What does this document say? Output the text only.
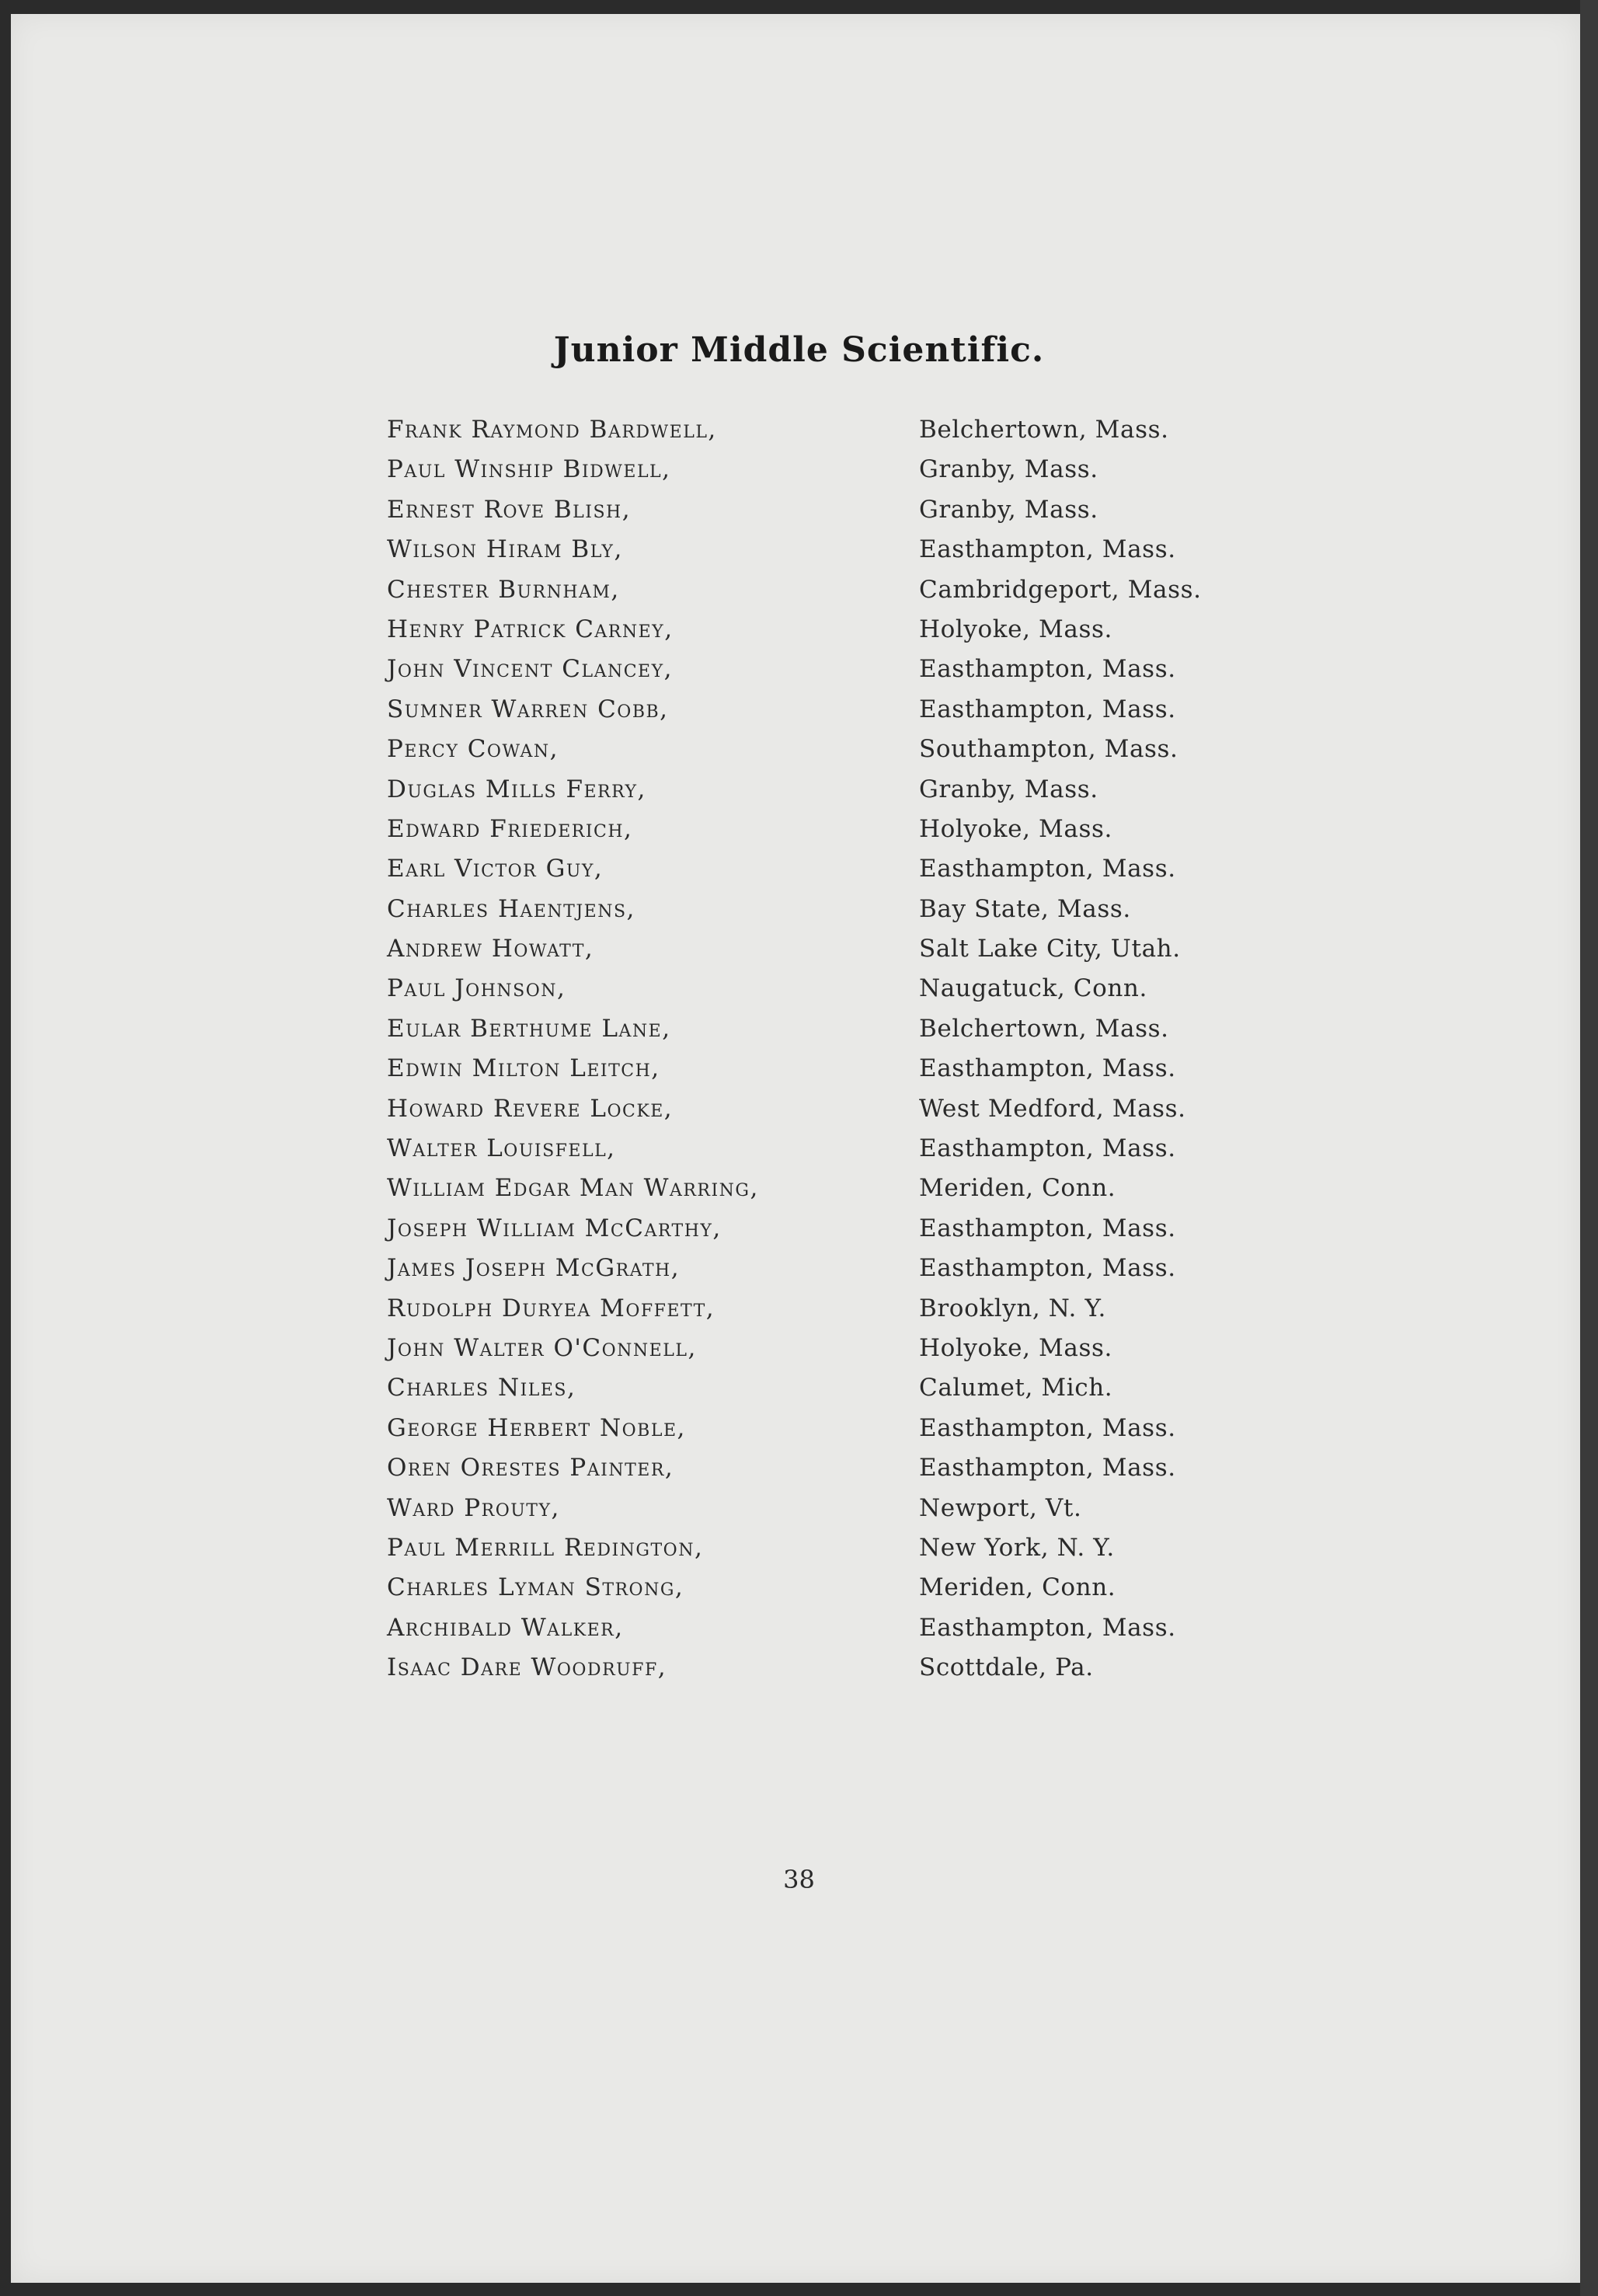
Junior Middle Scientific.
Frank Raymond Bardwell,	Belchertown, Mass.
Paul Winship Bidwell,	Granby, Mass.
Ernest Rove Blish,	Granby, Mass.
Wilson Hiram Bly,	Easthampton, Mass.
Chester Burnham,	Cambridgeport, Mass.
Henry Patrick Carney,	Holyoke, Mass.
John Vincent Clancey,	Easthampton, Mass.
Sumner Warren Cobb,	Easthampton, Mass.
Percy Cowan,	Southampton, Mass.
Duglas Mills Ferry,	Granby, Mass.
Edward Friederich,	Holyoke, Mass.
Earl Victor Guy,	Easthampton, Mass.
Charles Haentjens,	Bay State, Mass.
Andrew Howatt,	Salt Lake City, Utah.
Paul Johnson,	Naugatuck, Conn.
Eular Berthume Lane,	Belchertown, Mass.
Edwin Milton Leitch,	Easthampton, Mass.
Howard Revere Locke,	West Medford, Mass.
Walter Louisfell,	Easthampton, Mass.
William Edgar Man Warring,	Meriden, Conn.
Joseph William McCarthy,	Easthampton, Mass.
James Joseph McGrath,	Easthampton, Mass.
Rudolph Duryea Moffett,	Brooklyn, N. Y.
John Walter O'Connell,	Holyoke, Mass.
Charles Niles,	Calumet, Mich.
George Herbert Noble,	Easthampton, Mass.
Oren Orestes Painter,	Easthampton, Mass.
Ward Prouty,	Newport, Vt.
Paul Merrill Redington,	New York, N. Y.
Charles Lyman Strong,	Meriden, Conn.
Archibald Walker,	Easthampton, Mass.
Isaac Dare Woodruff,	Scottdale, Pa.
38
